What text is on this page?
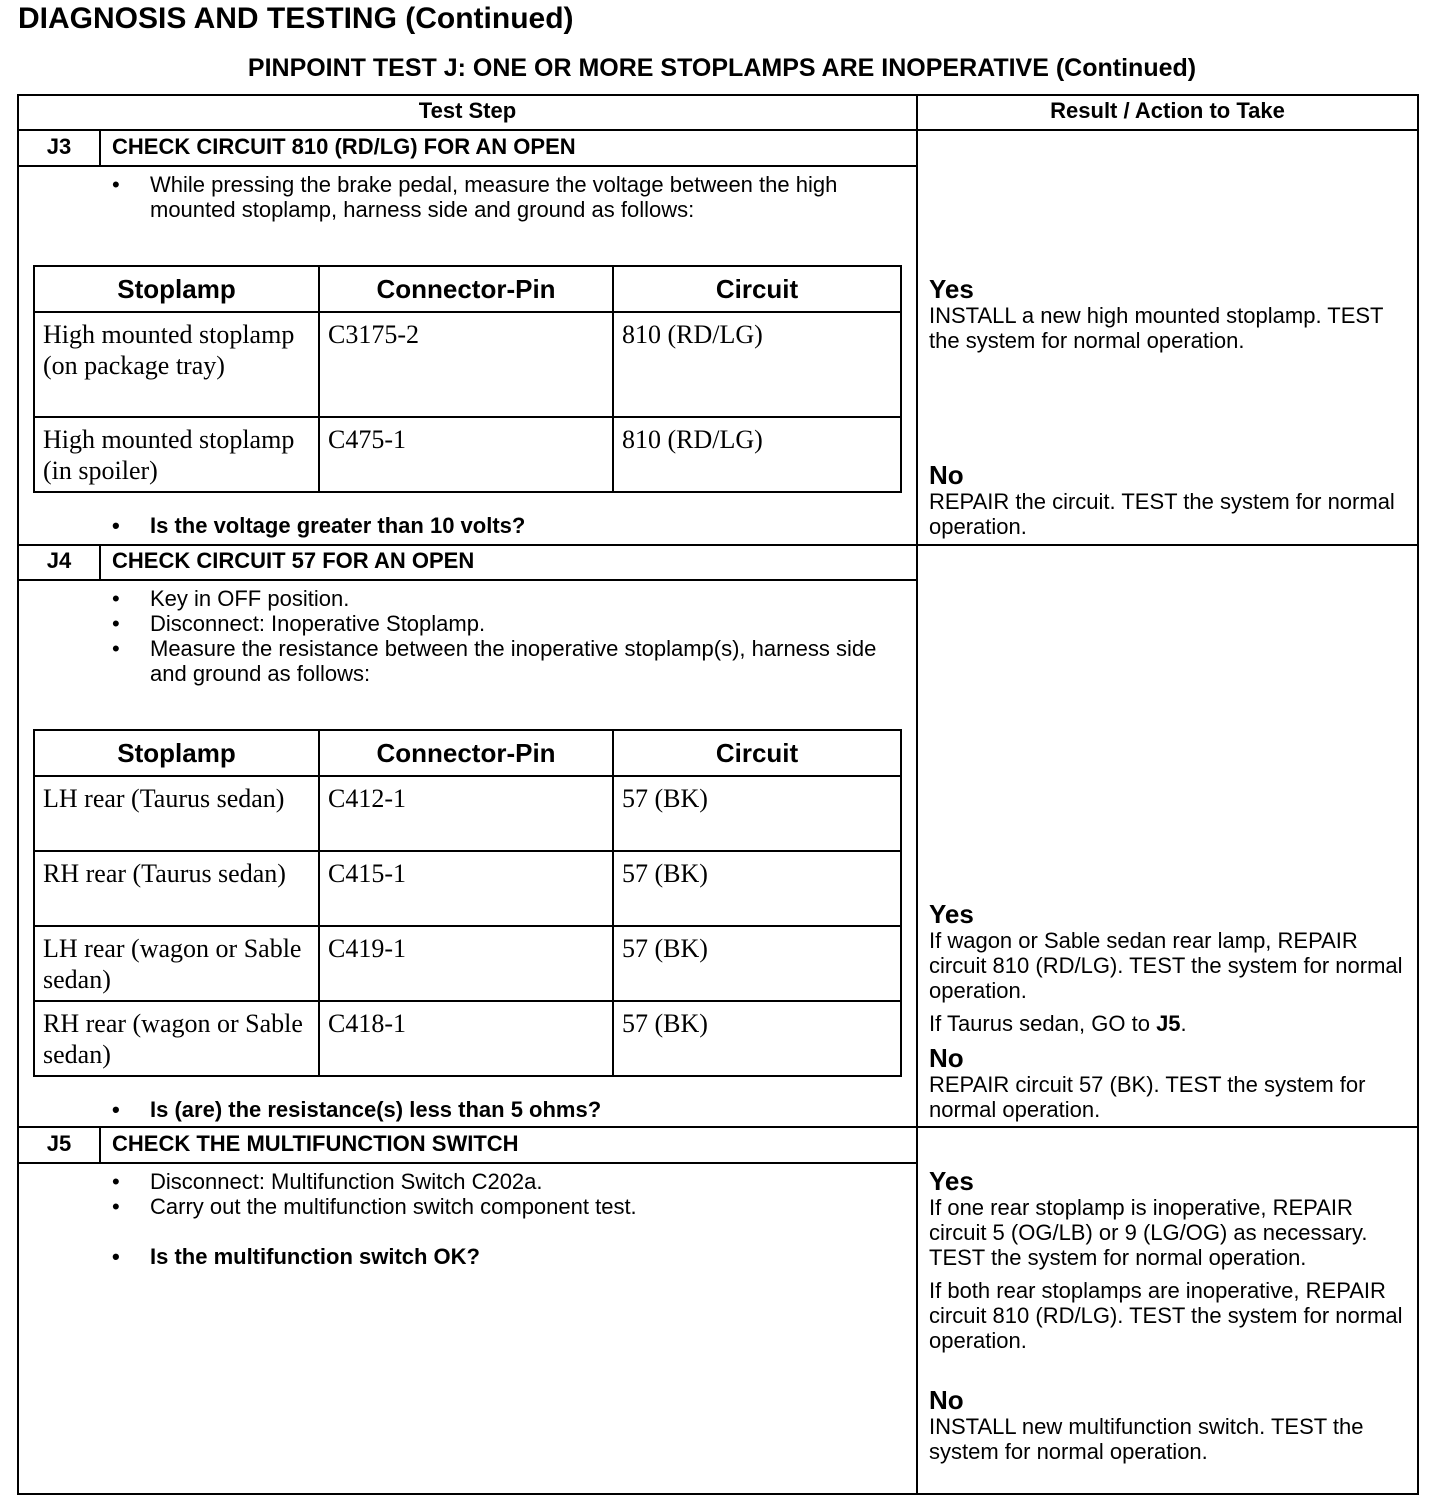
DIAGNOSIS AND TESTING (Continued)
PINPOINT TEST J: ONE OR MORE STOPLAMPS ARE INOPERATIVE (Continued)
Test Step	Result / Action to Take
J3	CHECK CIRCUIT 810 (RD/LG) FOR AN OPEN
• While pressing the brake pedal, measure the voltage between the high mounted stoplamp, harness side and ground as follows:
Stoplamp	Connector-Pin	Circuit
High mounted stoplamp (on package tray)	C3175-2	810 (RD/LG)
High mounted stoplamp (in spoiler)	C475-1	810 (RD/LG)
• Is the voltage greater than 10 volts?
Yes

INSTALL a new high mounted stoplamp. TEST the system for normal operation.

No

REPAIR the circuit. TEST the system for normal operation.

J4	CHECK CIRCUIT 57 FOR AN OPEN
• Key in OFF position.
• Disconnect: Inoperative Stoplamp.
• Measure the resistance between the inoperative stoplamp(s), harness side and ground as follows:
Stoplamp	Connector-Pin	Circuit
LH rear (Taurus sedan)	C412-1	57 (BK)
RH rear (Taurus sedan)	C415-1	57 (BK)
LH rear (wagon or Sable sedan)	C419-1	57 (BK)
RH rear (wagon or Sable sedan)	C418-1	57 (BK)
• Is (are) the resistance(s) less than 5 ohms?
Yes

If wagon or Sable sedan rear lamp, REPAIR circuit 810 (RD/LG). TEST the system for normal operation.

If Taurus sedan, GO to J5.

No

REPAIR circuit 57 (BK). TEST the system for normal operation.

J5	CHECK THE MULTIFUNCTION SWITCH
• Disconnect: Multifunction Switch C202a.
• Carry out the multifunction switch component test.
• Is the multifunction switch OK?
Yes

If one rear stoplamp is inoperative, REPAIR circuit 5 (OG/LB) or 9 (LG/OG) as necessary. TEST the system for normal operation.

If both rear stoplamps are inoperative, REPAIR circuit 810 (RD/LG). TEST the system for normal operation.

No

INSTALL new multifunction switch. TEST the system for normal operation.
